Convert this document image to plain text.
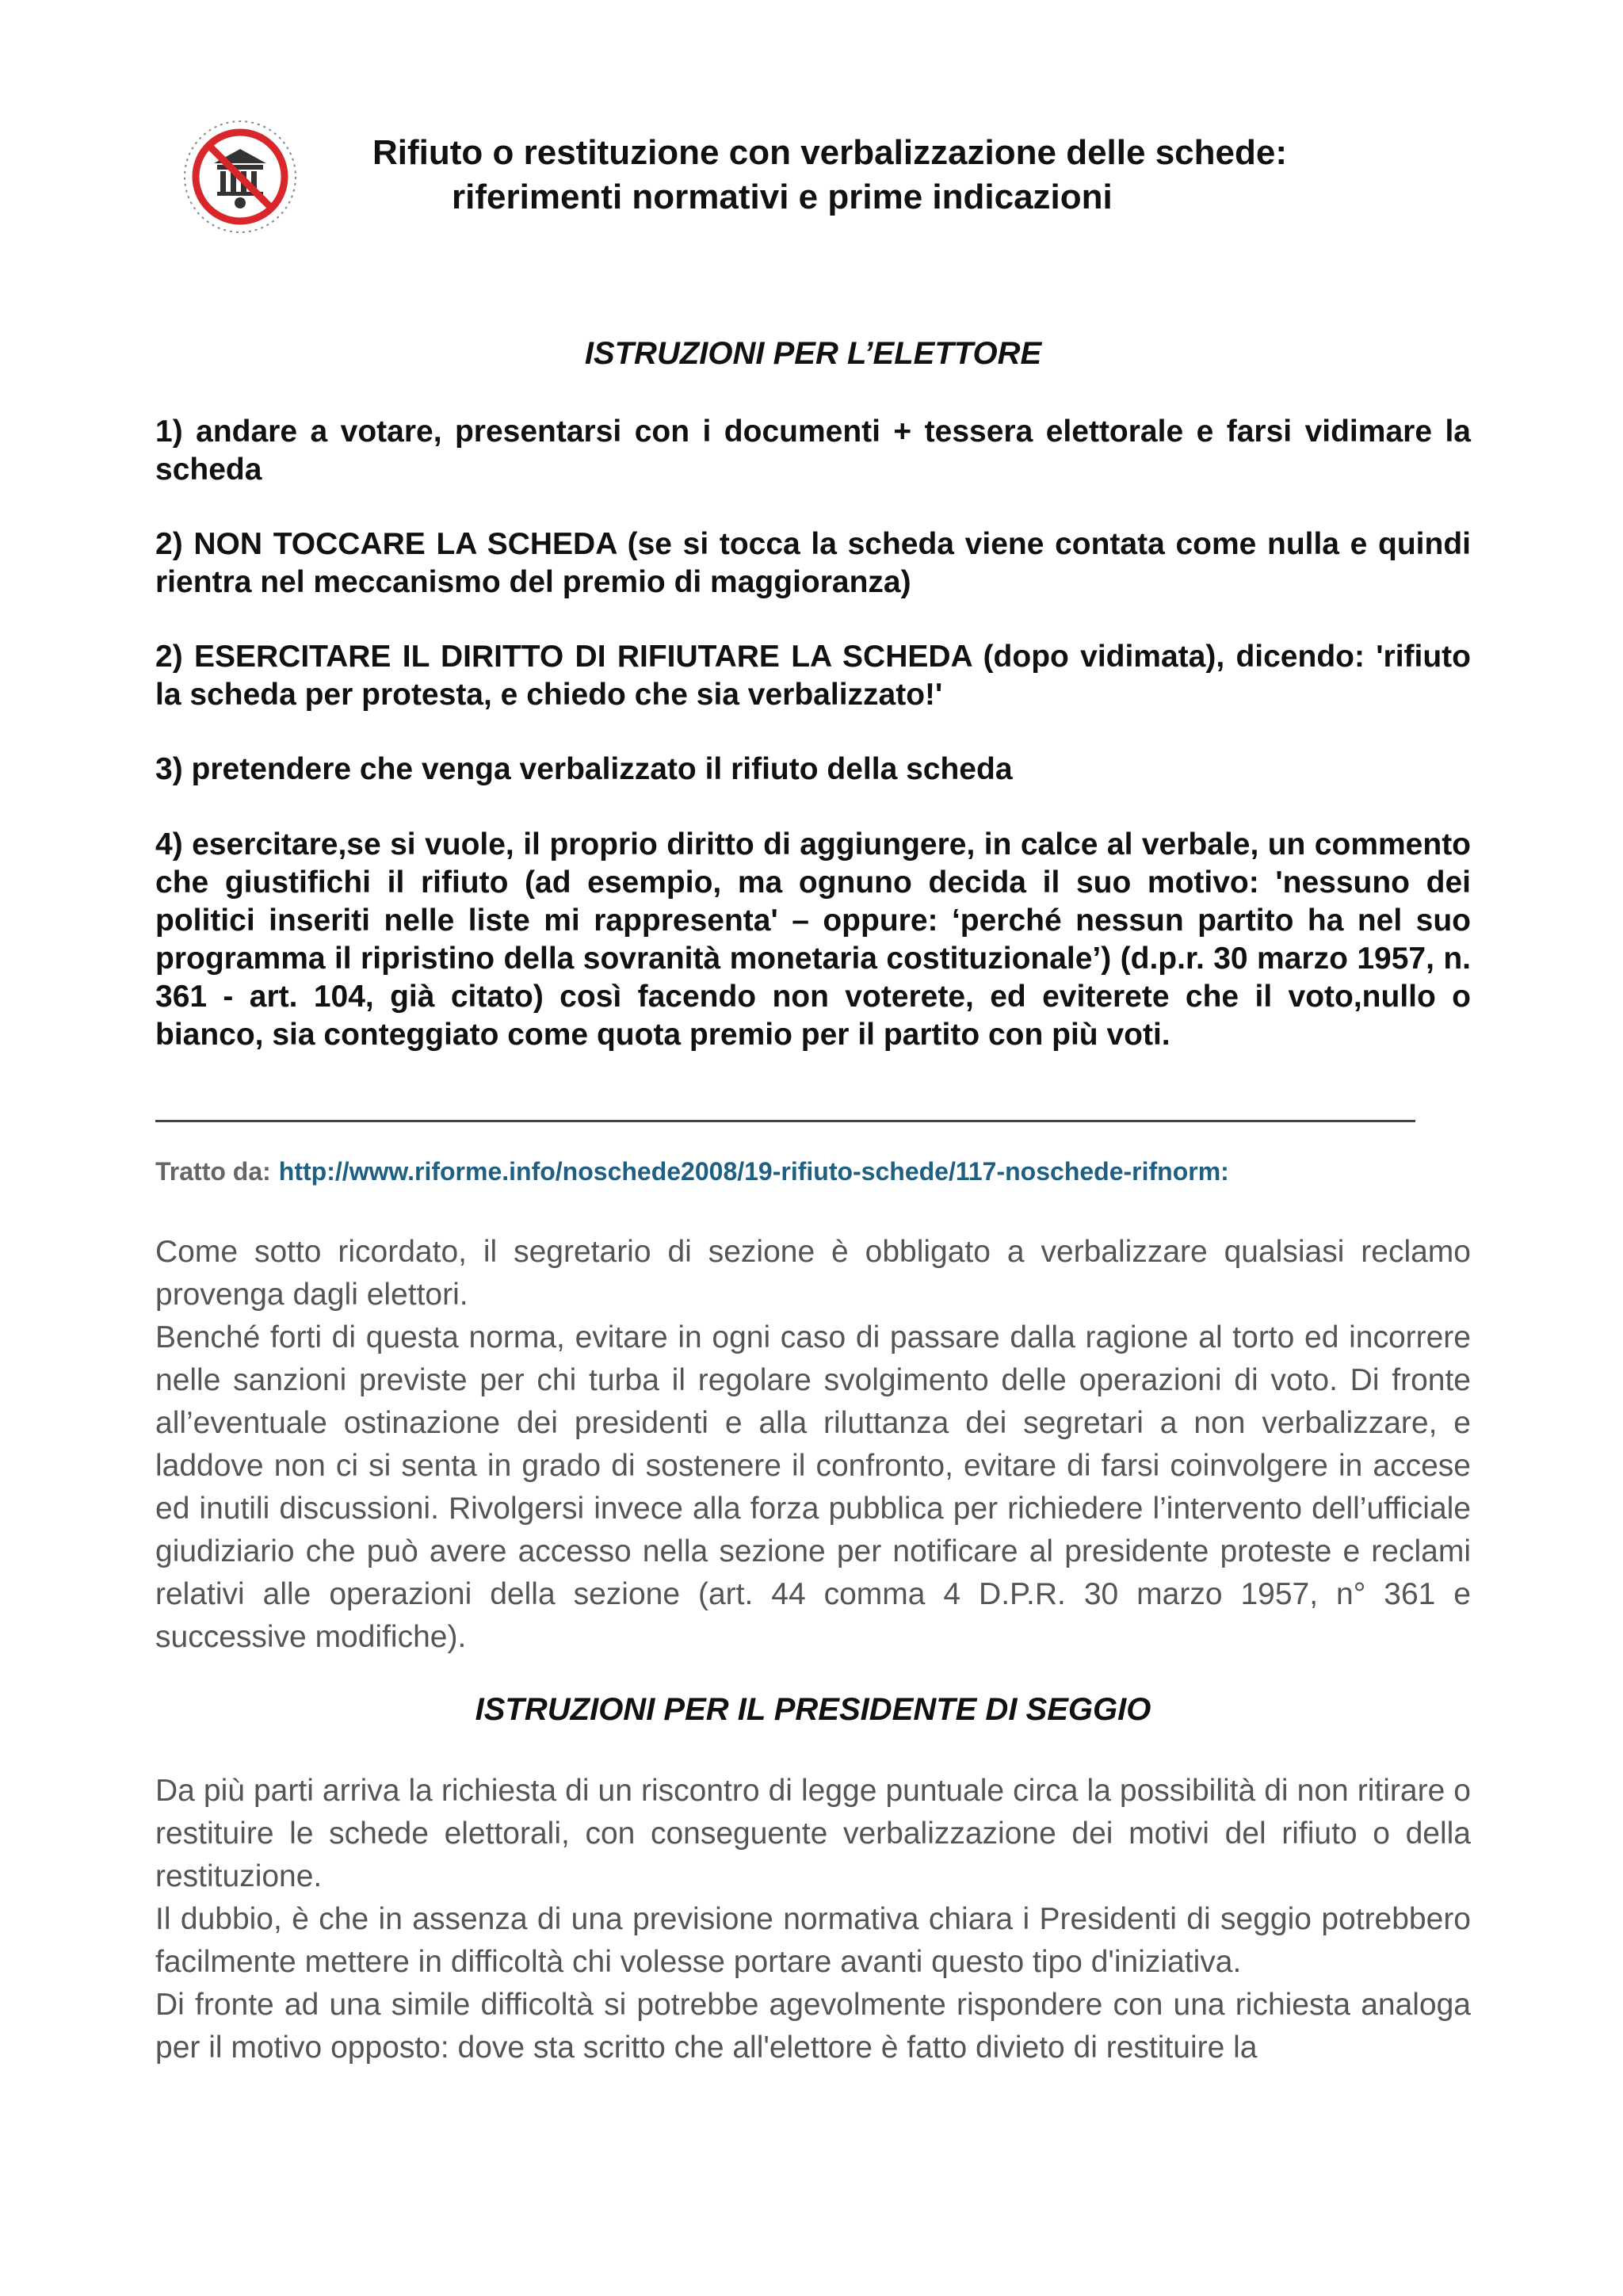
Rifiuto o restituzione con verbalizzazione delle schede:
riferimenti normativi e prime indicazioni
ISTRUZIONI PER L’ELETTORE

1) andare a votare, presentarsi con i documenti + tessera elettorale e farsi vidimare la scheda

2) NON TOCCARE LA SCHEDA (se si tocca la scheda viene contata come nulla e quindi rientra nel meccanismo del premio di maggioranza)

2) ESERCITARE IL DIRITTO DI RIFIUTARE LA SCHEDA (dopo vidimata), dicendo: 'rifiuto la scheda per protesta, e chiedo che sia verbalizzato!'

3) pretendere che venga verbalizzato il rifiuto della scheda

4) esercitare,se si vuole, il proprio diritto di aggiungere, in calce al verbale, un commento che giustifichi il rifiuto (ad esempio, ma ognuno decida il suo motivo: 'nessuno dei politici inseriti nelle liste mi rappresenta' – oppure: ‘perché nessun partito ha nel suo programma il ripristino della sovranità monetaria costituzionale’) (d.p.r. 30 marzo 1957, n. 361 - art. 104, già citato) così facendo non voterete, ed eviterete che il voto,nullo o bianco, sia conteggiato come quota premio per il partito con più voti.

Tratto da: http://www.riforme.info/noschede2008/19-rifiuto-schede/117-noschede-rifnorm:

Come sotto ricordato, il segretario di sezione è obbligato a verbalizzare qualsiasi reclamo provenga dagli elettori.

Benché forti di questa norma, evitare in ogni caso di passare dalla ragione al torto ed incorrere nelle sanzioni previste per chi turba il regolare svolgimento delle operazioni di voto. Di fronte all’eventuale ostinazione dei presidenti e alla riluttanza dei segretari a non verbalizzare, e laddove non ci si senta in grado di sostenere il confronto, evitare di farsi coinvolgere in accese ed inutili discussioni. Rivolgersi invece alla forza pubblica per richiedere l’intervento dell’ufficiale giudiziario che può avere accesso nella sezione per notificare al presidente proteste e reclami relativi alle operazioni della sezione (art. 44 comma 4 D.P.R. 30 marzo 1957, n° 361 e successive modifiche).

ISTRUZIONI PER IL PRESIDENTE DI SEGGIO

Da più parti arriva la richiesta di un riscontro di legge puntuale circa la possibilità di non ritirare o restituire le schede elettorali, con conseguente verbalizzazione dei motivi del rifiuto o della restituzione.

Il dubbio, è che in assenza di una previsione normativa chiara i Presidenti di seggio potrebbero facilmente mettere in difficoltà chi volesse portare avanti questo tipo d'iniziativa.

Di fronte ad una simile difficoltà si potrebbe agevolmente rispondere con una richiesta analoga per il motivo opposto: dove sta scritto che all'elettore è fatto divieto di restituire la
